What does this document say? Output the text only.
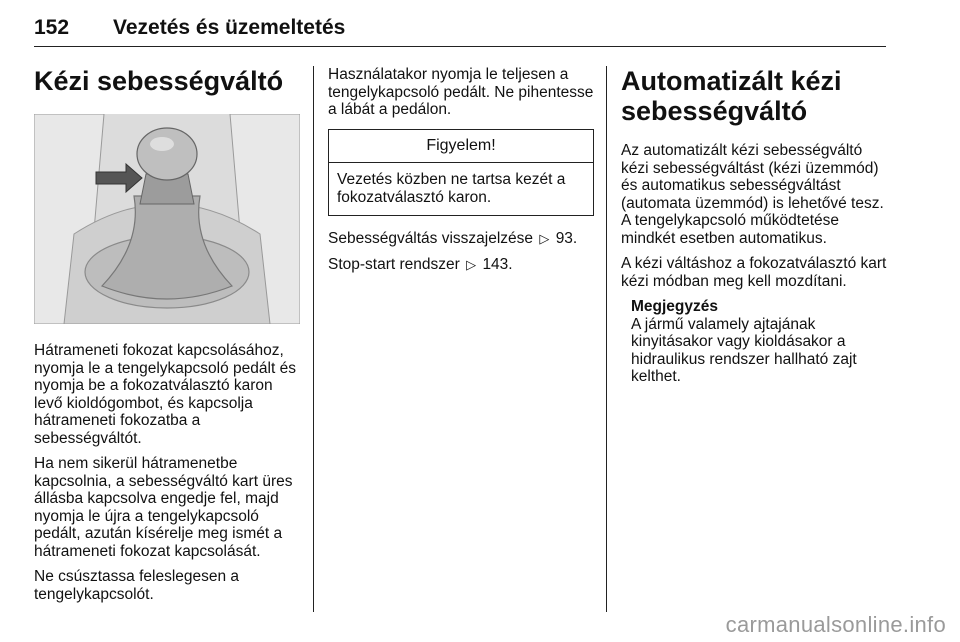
152 Vezetés és üzemeltetés
Kézi sebességváltó

Hátrameneti fokozat kapcsolásához, nyomja le a tengelykapcsoló pedált és nyomja be a fokozatválasztó karon levő kioldógombot, és kapcsolja hátrameneti fokozatba a sebességváltót.

Ha nem sikerül hátramenetbe kapcsolnia, a sebességváltó kart üres állásba kapcsolva engedje fel, majd nyomja le újra a tengelykapcsoló pedált, azután kísérelje meg ismét a hátrameneti fokozat kapcsolását.

Ne csúsztassa feleslegesen a tengelykapcsolót.

Használatakor nyomja le teljesen a tengelykapcsoló pedált. Ne pihentesse a lábát a pedálon.

Figyelem!
Vezetés közben ne tartsa kezét a fokozatválasztó karon.

Sebességváltás visszajelzése ▷ 93.

Stop-start rendszer ▷ 143.

Automatizált kézi sebességváltó

Az automatizált kézi sebességváltó kézi sebességváltást (kézi üzemmód) és automatikus sebességváltást (automata üzemmód) is lehetővé tesz. A tengelykapcsoló működtetése mindkét esetben automatikus.

A kézi váltáshoz a fokozatválasztó kart kézi módban meg kell mozdítani.

Megjegyzés
A jármű valamely ajtajának kinyitásakor vagy kioldásakor a hidraulikus rendszer hallható zajt kelthet.
carmanualsonline.info
